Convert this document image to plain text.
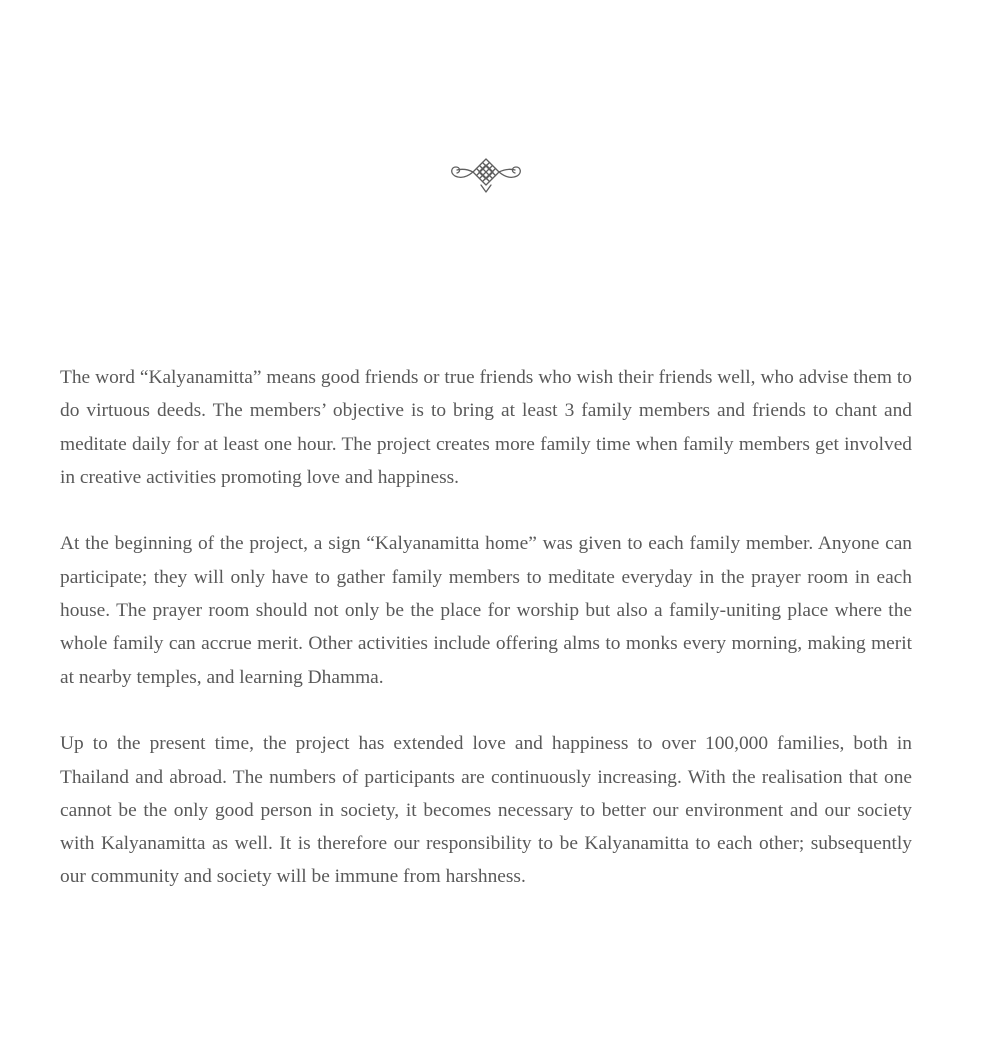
The word “Kalyanamitta” means good friends or true friends who wish their friends well, who advise them to do virtuous deeds. The members’ objective is to bring at least 3 family members and friends to chant and meditate daily for at least one hour. The project creates more family time when family members get involved in creative activities promoting love and happiness.

At the beginning of the project, a sign “Kalyanamitta home” was given to each family member. Anyone can participate; they will only have to gather family members to meditate everyday in the prayer room in each house. The prayer room should not only be the place for worship but also a family-uniting place where the whole family can accrue merit. Other activities include offering alms to monks every morning, making merit at nearby temples, and learning Dhamma.

Up to the present time, the project has extended love and happiness to over 100,000 families, both in Thailand and abroad. The numbers of participants are continuously increasing. With the realisation that one cannot be the only good person in society, it becomes necessary to better our environment and our society with Kalyanamitta as well. It is therefore our responsibility to be Kalyanamitta to each other; subsequently our community and society will be immune from harshness.
